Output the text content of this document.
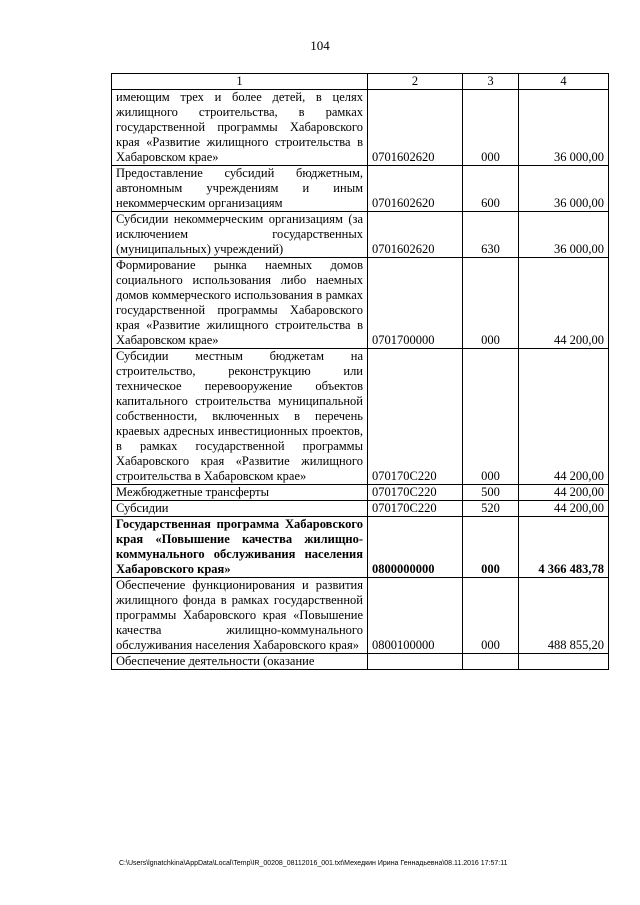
104
1	2	3	4
имеющим трех и более детей, в целях жилищного строительства, в рамках государственной программы Хабаровского края «Развитие жилищного строительства в Хабаровском крае»	0701602620	000	36 000,00
Предоставление субсидий бюджетным, автономным учреждениям и иным некоммерческим организациям	0701602620	600	36 000,00
Субсидии некоммерческим организациям (за исключением государственных (муниципальных) учреждений)	0701602620	630	36 000,00
Формирование рынка наемных домов социального использования либо наемных домов коммерческого использования в рамках государственной программы Хабаровского края «Развитие жилищного строительства в Хабаровском крае»	0701700000	000	44 200,00
Субсидии местным бюджетам на строительство, реконструкцию или техническое перевооружение объектов капитального строительства муниципальной собственности, включенных в перечень краевых адресных инвестиционных проектов, в рамках государственной программы Хабаровского края «Развитие жилищного строительства в Хабаровском крае»	070170С220	000	44 200,00
Межбюджетные трансферты	070170С220	500	44 200,00
Субсидии	070170С220	520	44 200,00
Государственная программа Хабаровского края «Повышение качества жилищно-коммунального обслуживания населения Хабаровского края»	0800000000	000	4 366 483,78
Обеспечение функционирования и развития жилищного фонда в рамках государственной программы Хабаровского края «Повышение качества жилищно-коммунального обслуживания населения Хабаровского края»	0800100000	000	488 855,20
Обеспечение деятельности (оказание			
C:\Users\lgnatchkina\AppData\Local\Temp\IR_00208_08112016_001.txt\Мехедкин Ирина Геннадьевна\08.11.2016 17:57:11
